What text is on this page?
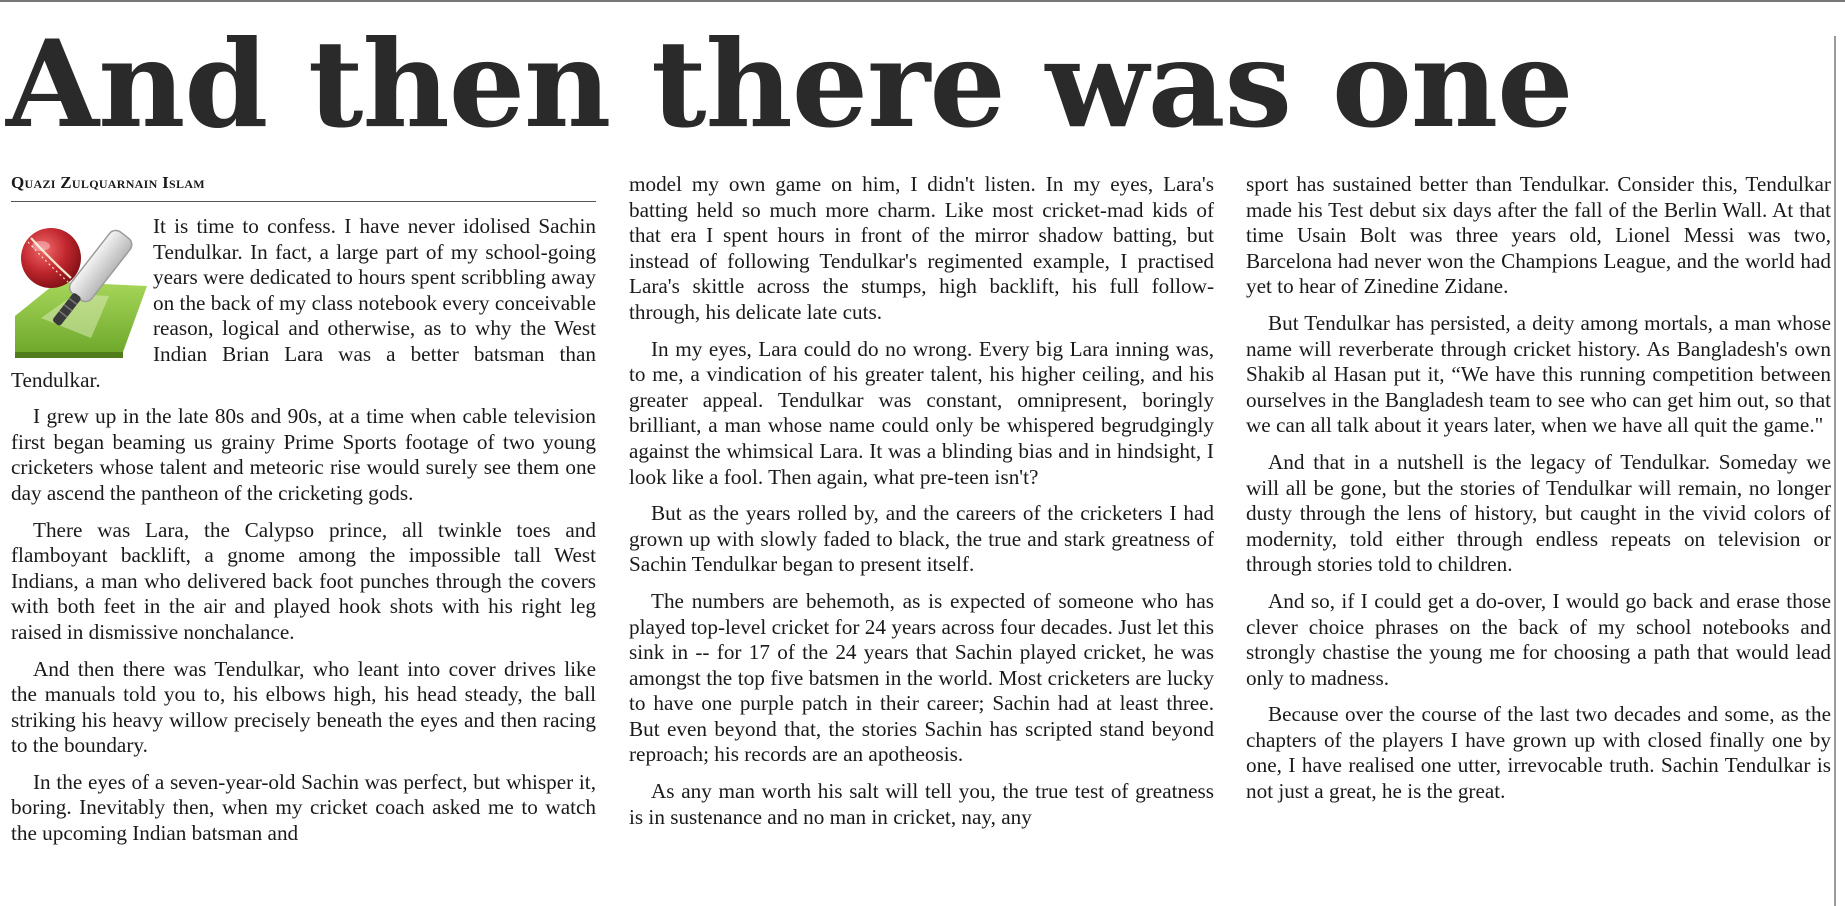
And then there was one
Quazi Zulquarnain Islam

It is time to confess. I have never idolised Sachin Tendulkar. In fact, a large part of my school-going years were dedicated to hours spent scribbling away on the back of my class notebook every conceivable reason, logical and otherwise, as to why the West Indian Brian Lara was a better batsman than Tendulkar.

I grew up in the late 80s and 90s, at a time when cable television first began beaming us grainy Prime Sports footage of two young cricketers whose talent and meteoric rise would surely see them one day ascend the pantheon of the cricketing gods.

There was Lara, the Calypso prince, all twinkle toes and flamboyant backlift, a gnome among the impossible tall West Indians, a man who delivered back foot punches through the covers with both feet in the air and played hook shots with his right leg raised in dismissive nonchalance.

And then there was Tendulkar, who leant into cover drives like the manuals told you to, his elbows high, his head steady, the ball striking his heavy willow precisely beneath the eyes and then racing to the boundary.

In the eyes of a seven-year-old Sachin was perfect, but whisper it, boring. Inevitably then, when my cricket coach asked me to watch the upcoming Indian batsman and

model my own game on him, I didn't listen. In my eyes, Lara's batting held so much more charm. Like most cricket-mad kids of that era I spent hours in front of the mirror shadow batting, but instead of following Tendulkar's regimented example, I practised Lara's skittle across the stumps, high backlift, his full follow-through, his delicate late cuts.

In my eyes, Lara could do no wrong. Every big Lara inning was, to me, a vindication of his greater talent, his higher ceiling, and his greater appeal. Tendulkar was constant, omnipresent, boringly brilliant, a man whose name could only be whispered begrudgingly against the whimsical Lara. It was a blinding bias and in hindsight, I look like a fool. Then again, what pre-teen isn't?

But as the years rolled by, and the careers of the cricketers I had grown up with slowly faded to black, the true and stark greatness of Sachin Tendulkar began to present itself.

The numbers are behemoth, as is expected of someone who has played top-level cricket for 24 years across four decades. Just let this sink in -- for 17 of the 24 years that Sachin played cricket, he was amongst the top five batsmen in the world. Most cricketers are lucky to have one purple patch in their career; Sachin had at least three. But even beyond that, the stories Sachin has scripted stand beyond reproach; his records are an apotheosis.

As any man worth his salt will tell you, the true test of greatness is in sustenance and no man in cricket, nay, any

sport has sustained better than Tendulkar. Consider this, Tendulkar made his Test debut six days after the fall of the Berlin Wall. At that time Usain Bolt was three years old, Lionel Messi was two, Barcelona had never won the Champions League, and the world had yet to hear of Zinedine Zidane.

But Tendulkar has persisted, a deity among mortals, a man whose name will reverberate through cricket history. As Bangladesh's own Shakib al Hasan put it, “We have this running competition between ourselves in the Bangladesh team to see who can get him out, so that we can all talk about it years later, when we have all quit the game."

And that in a nutshell is the legacy of Tendulkar. Someday we will all be gone, but the stories of Tendulkar will remain, no longer dusty through the lens of history, but caught in the vivid colors of modernity, told either through endless repeats on television or through stories told to children.

And so, if I could get a do-over, I would go back and erase those clever choice phrases on the back of my school notebooks and strongly chastise the young me for choosing a path that would lead only to madness.

Because over the course of the last two decades and some, as the chapters of the players I have grown up with closed finally one by one, I have realised one utter, irrevocable truth. Sachin Tendulkar is not just a great, he is the great.
